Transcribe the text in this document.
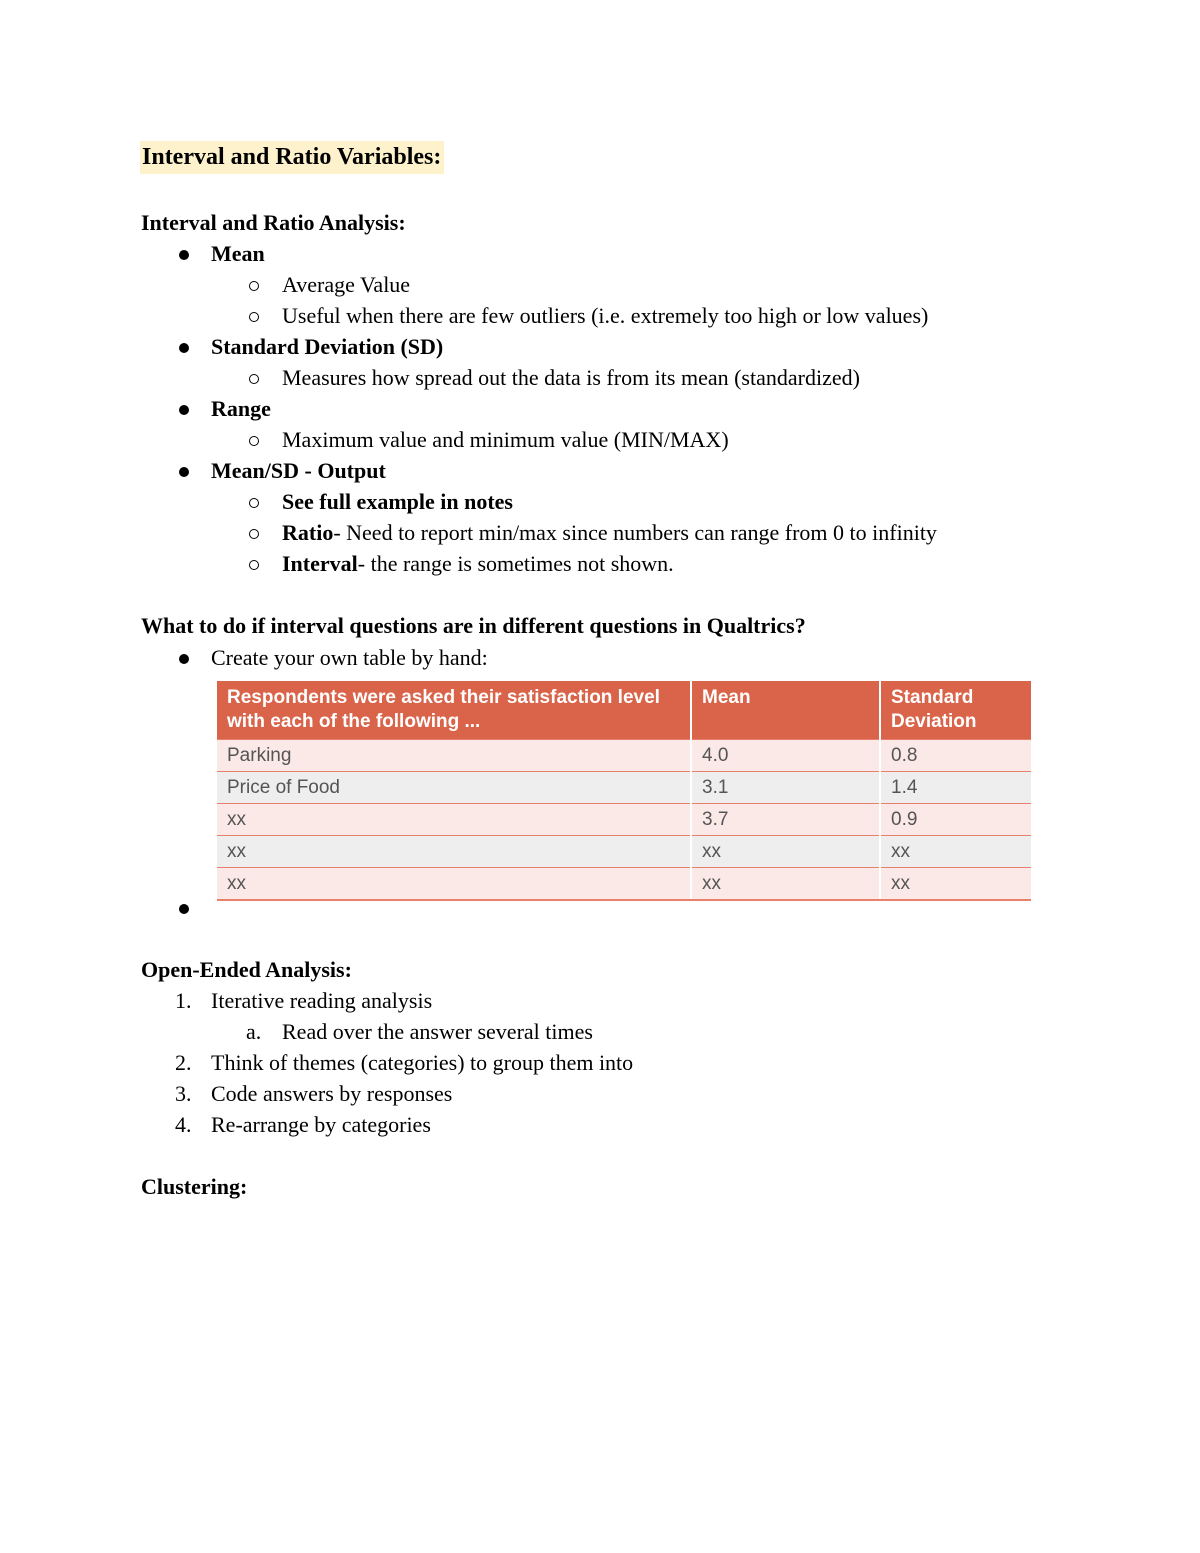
Interval and Ratio Variables:
Interval and Ratio Analysis:
Mean
Average Value
Useful when there are few outliers (i.e. extremely too high or low values)
Standard Deviation (SD)
Measures how spread out the data is from its mean (standardized)
Range
Maximum value and minimum value (MIN/MAX)
Mean/SD - Output
See full example in notes
Ratio- Need to report min/max since numbers can range from 0 to infinity
Interval- the range is sometimes not shown.
What to do if interval questions are in different questions in Qualtrics?
Create your own table by hand:
Respondents were asked their satisfaction level with each of the following ...	Mean	Standard Deviation
Parking	4.0	0.8
Price of Food	3.1	1.4
xx	3.7	0.9
xx	xx	xx
xx	xx	xx
Open-Ended Analysis:
1. Iterative reading analysis
a. Read over the answer several times
2. Think of themes (categories) to group them into
3. Code answers by responses
4. Re-arrange by categories
Clustering:
